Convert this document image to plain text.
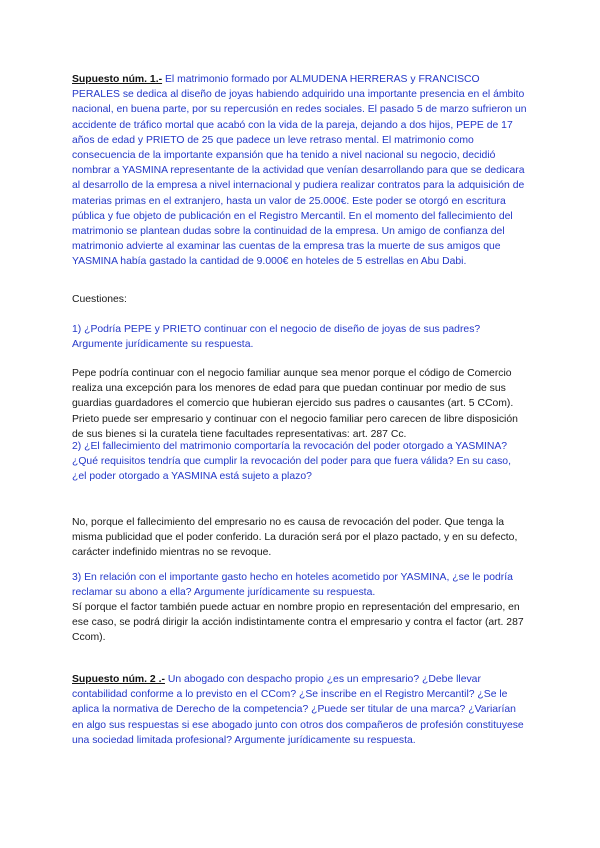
Supuesto núm. 1.- El matrimonio formado por ALMUDENA HERRERAS y FRANCISCO PERALES se dedica al diseño de joyas habiendo adquirido una importante presencia en el ámbito nacional, en buena parte, por su repercusión en redes sociales. El pasado 5 de marzo sufrieron un accidente de tráfico mortal que acabó con la vida de la pareja, dejando a dos hijos, PEPE de 17 años de edad y PRIETO de 25 que padece un leve retraso mental. El matrimonio como consecuencia de la importante expansión que ha tenido a nivel nacional su negocio, decidió nombrar a YASMINA representante de la actividad que venían desarrollando para que se dedicara al desarrollo de la empresa a nivel internacional y pudiera realizar contratos para la adquisición de materias primas en el extranjero, hasta un valor de 25.000€. Este poder se otorgó en escritura pública y fue objeto de publicación en el Registro Mercantil. En el momento del fallecimiento del matrimonio se plantean dudas sobre la continuidad de la empresa. Un amigo de confianza del matrimonio advierte al examinar las cuentas de la empresa tras la muerte de sus amigos que YASMINA había gastado la cantidad de 9.000€ en hoteles de 5 estrellas en Abu Dabi.

Cuestiones:

1) ¿Podría PEPE y PRIETO continuar con el negocio de diseño de joyas de sus padres? Argumente jurídicamente su respuesta.

Pepe podría continuar con el negocio familiar aunque sea menor porque el código de Comercio realiza una excepción para los menores de edad para que puedan continuar por medio de sus guardias guardadores el comercio que hubieran ejercido sus padres o causantes (art. 5 CCom). Prieto puede ser empresario y continuar con el negocio familiar pero carecen de libre disposición de sus bienes si la curatela tiene facultades representativas: art. 287 Cc.

2) ¿El fallecimiento del matrimonio comportaría la revocación del poder otorgado a YASMINA? ¿Qué requisitos tendría que cumplir la revocación del poder para que fuera válida? En su caso, ¿el poder otorgado a YASMINA está sujeto a plazo?

No, porque el fallecimiento del empresario no es causa de revocación del poder. Que tenga la misma publicidad que el poder conferido. La duración será por el plazo pactado, y en su defecto, carácter indefinido mientras no se revoque.

3) En relación con el importante gasto hecho en hoteles acometido por YASMINA, ¿se le podría reclamar su abono a ella? Argumente jurídicamente su respuesta.

Sí porque el factor también puede actuar en nombre propio en representación del empresario, en ese caso, se podrá dirigir la acción indistintamente contra el empresario y contra el factor (art. 287 Ccom).

Supuesto núm. 2 .- Un abogado con despacho propio ¿es un empresario? ¿Debe llevar contabilidad conforme a lo previsto en el CCom? ¿Se inscribe en el Registro Mercantil? ¿Se le aplica la normativa de Derecho de la competencia? ¿Puede ser titular de una marca? ¿Variarían en algo sus respuestas si ese abogado junto con otros dos compañeros de profesión constituyese una sociedad limitada profesional? Argumente jurídicamente su respuesta.
